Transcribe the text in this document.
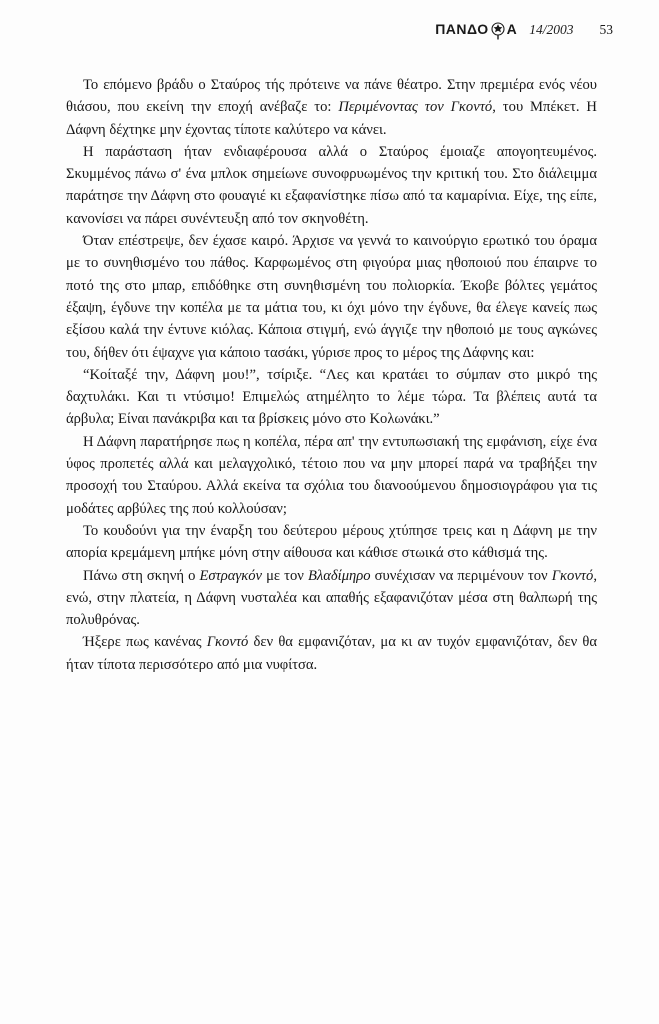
ΠΑΝΔΟ Α 14/2003 53

Το επόμενο βράδυ ο Σταύρος τής πρότεινε να πάνε θέατρο. Στην πρεμιέρα ενός νέου θιάσου, που εκείνη την εποχή ανέβαζε το: Περιμένοντας τον Γκοντό, του Μπέκετ. Η Δάφνη δέχτηκε μην έχοντας τίποτε καλύτερο να κάνει.

Η παράσταση ήταν ενδιαφέρουσα αλλά ο Σταύρος έμοιαζε απογοητευμένος. Σκυμμένος πάνω σ' ένα μπλοκ σημείωνε συνοφρυωμένος την κριτική του. Στο διάλειμμα παράτησε την Δάφνη στο φουαγιέ κι εξαφανίστηκε πίσω από τα καμαρίνια. Είχε, της είπε, κανονίσει να πάρει συνέντευξη από τον σκηνοθέτη.

Όταν επέστρεψε, δεν έχασε καιρό. Άρχισε να γεννά το καινούργιο ερωτικό του όραμα με το συνηθισμένο του πάθος. Καρφωμένος στη φιγούρα μιας ηθοποιού που έπαιρνε το ποτό της στο μπαρ, επιδόθηκε στη συνηθισμένη του πολιορκία. Έκοβε βόλτες γεμάτος έξαψη, έγδυνε την κοπέλα με τα μάτια του, κι όχι μόνο την έγδυνε, θα έλεγε κανείς πως εξίσου καλά την έντυνε κιόλας. Κάποια στιγμή, ενώ άγγιζε την ηθοποιό με τους αγκώνες του, δήθεν ότι έψαχνε για κάποιο τασάκι, γύρισε προς το μέρος της Δάφνης και:

“Κοίταξέ την, Δάφνη μου!”, τσίριξε. “Λες και κρατάει το σύμπαν στο μικρό της δαχτυλάκι. Και τι ντύσιμο! Επιμελώς ατημέλητο το λέμε τώρα. Τα βλέπεις αυτά τα άρβυλα; Είναι πανάκριβα και τα βρίσκεις μόνο στο Κολωνάκι.”

Η Δάφνη παρατήρησε πως η κοπέλα, πέρα απ' την εντυπωσιακή της εμφάνιση, είχε ένα ύφος προπετές αλλά και μελαγχολικό, τέτοιο που να μην μπορεί παρά να τραβήξει την προσοχή του Σταύρου. Αλλά εκείνα τα σχόλια του διανοούμενου δημοσιογράφου για τις μοδάτες αρβύλες της πού κολλούσαν;

Το κουδούνι για την έναρξη του δεύτερου μέρους χτύπησε τρεις και η Δάφνη με την απορία κρεμάμενη μπήκε μόνη στην αίθουσα και κάθισε στωικά στο κάθισμά της.

Πάνω στη σκηνή ο Εστραγκόν με τον Βλαδίμηρο συνέχισαν να περιμένουν τον Γκοντό, ενώ, στην πλατεία, η Δάφνη νυσταλέα και απαθής εξαφανιζόταν μέσα στη θαλπωρή της πολυθρόνας.

Ήξερε πως κανένας Γκοντό δεν θα εμφανιζόταν, μα κι αν τυχόν εμφανιζόταν, δεν θα ήταν τίποτα περισσότερο από μια νυφίτσα.
